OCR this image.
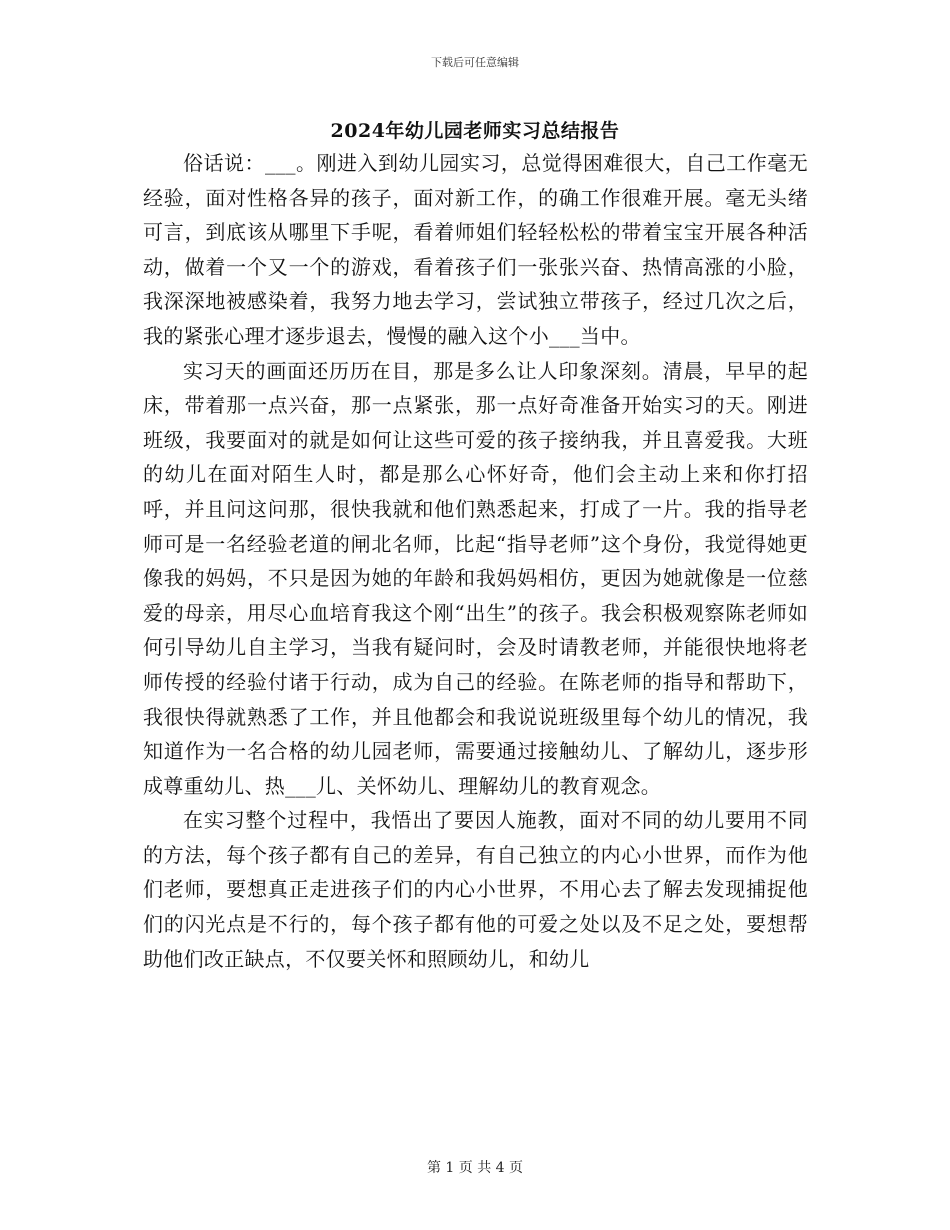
下载后可任意编辑
2024年幼儿园老师实习总结报告

俗话说：___。刚进入到幼儿园实习，总觉得困难很大，自己工作毫无经验，面对性格各异的孩子，面对新工作，的确工作很难开展。毫无头绪可言，到底该从哪里下手呢，看着师姐们轻轻松松的带着宝宝开展各种活动，做着一个又一个的游戏，看着孩子们一张张兴奋、热情高涨的小脸，我深深地被感染着，我努力地去学习，尝试独立带孩子，经过几次之后，我的紧张心理才逐步退去，慢慢的融入这个小___当中。

实习天的画面还历历在目，那是多么让人印象深刻。清晨，早早的起床，带着那一点兴奋，那一点紧张，那一点好奇准备开始实习的天。刚进班级，我要面对的就是如何让这些可爱的孩子接纳我，并且喜爱我。大班的幼儿在面对陌生人时，都是那么心怀好奇，他们会主动上来和你打招呼，并且问这问那，很快我就和他们熟悉起来，打成了一片。我的指导老师可是一名经验老道的闸北名师，比起“指导老师”这个身份，我觉得她更像我的妈妈，不只是因为她的年龄和我妈妈相仿，更因为她就像是一位慈爱的母亲，用尽心血培育我这个刚“出生”的孩子。我会积极观察陈老师如何引导幼儿自主学习，当我有疑问时，会及时请教老师，并能很快地将老师传授的经验付诸于行动，成为自己的经验。在陈老师的指导和帮助下，我很快得就熟悉了工作，并且他都会和我说说班级里每个幼儿的情况，我知道作为一名合格的幼儿园老师，需要通过接触幼儿、了解幼儿，逐步形成尊重幼儿、热___儿、关怀幼儿、理解幼儿的教育观念。

在实习整个过程中，我悟出了要因人施教，面对不同的幼儿要用不同的方法，每个孩子都有自己的差异，有自己独立的内心小世界，而作为他们老师，要想真正走进孩子们的内心小世界，不用心去了解去发现捕捉他们的闪光点是不行的，每个孩子都有他的可爱之处以及不足之处，要想帮助他们改正缺点，不仅要关怀和照顾幼儿，和幼儿

第 1 页 共 4 页
